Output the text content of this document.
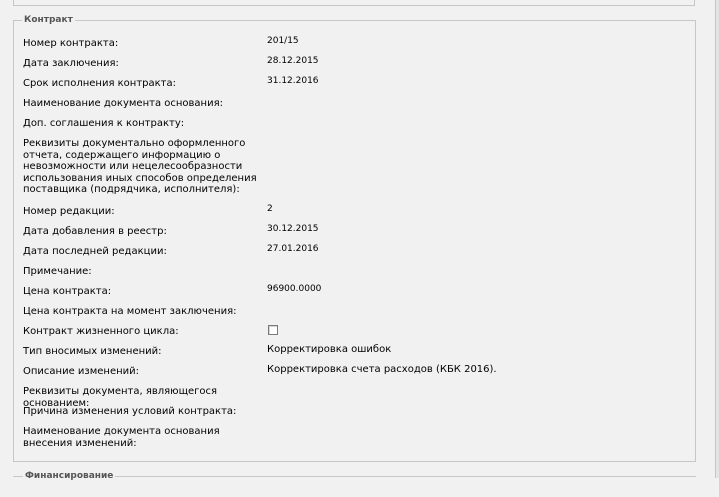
Контракт
Номер контракта:	201/15
Дата заключения:	28.12.2015
Срок исполнения контракта:	31.12.2016
Наименование документа основания:
Доп. соглашения к контракту:
Реквизиты документально оформленного отчета, содержащего информацию о невозможности или нецелесообразности использования иных способов определения поставщика (подрядчика, исполнителя):
Номер редакции:	2
Дата добавления в реестр:	30.12.2015
Дата последней редакции:	27.01.2016
Примечание:
Цена контракта:	96900.0000
Цена контракта на момент заключения:
Контракт жизненного цикла:
Тип вносимых изменений:	Корректировка ошибок
Описание изменений:	Корректировка счета расходов (КБК 2016).
Реквизиты документа, являющегося основанием:
Причина изменения условий контракта:
Наименование документа основания внесения изменений:
Финансирование
